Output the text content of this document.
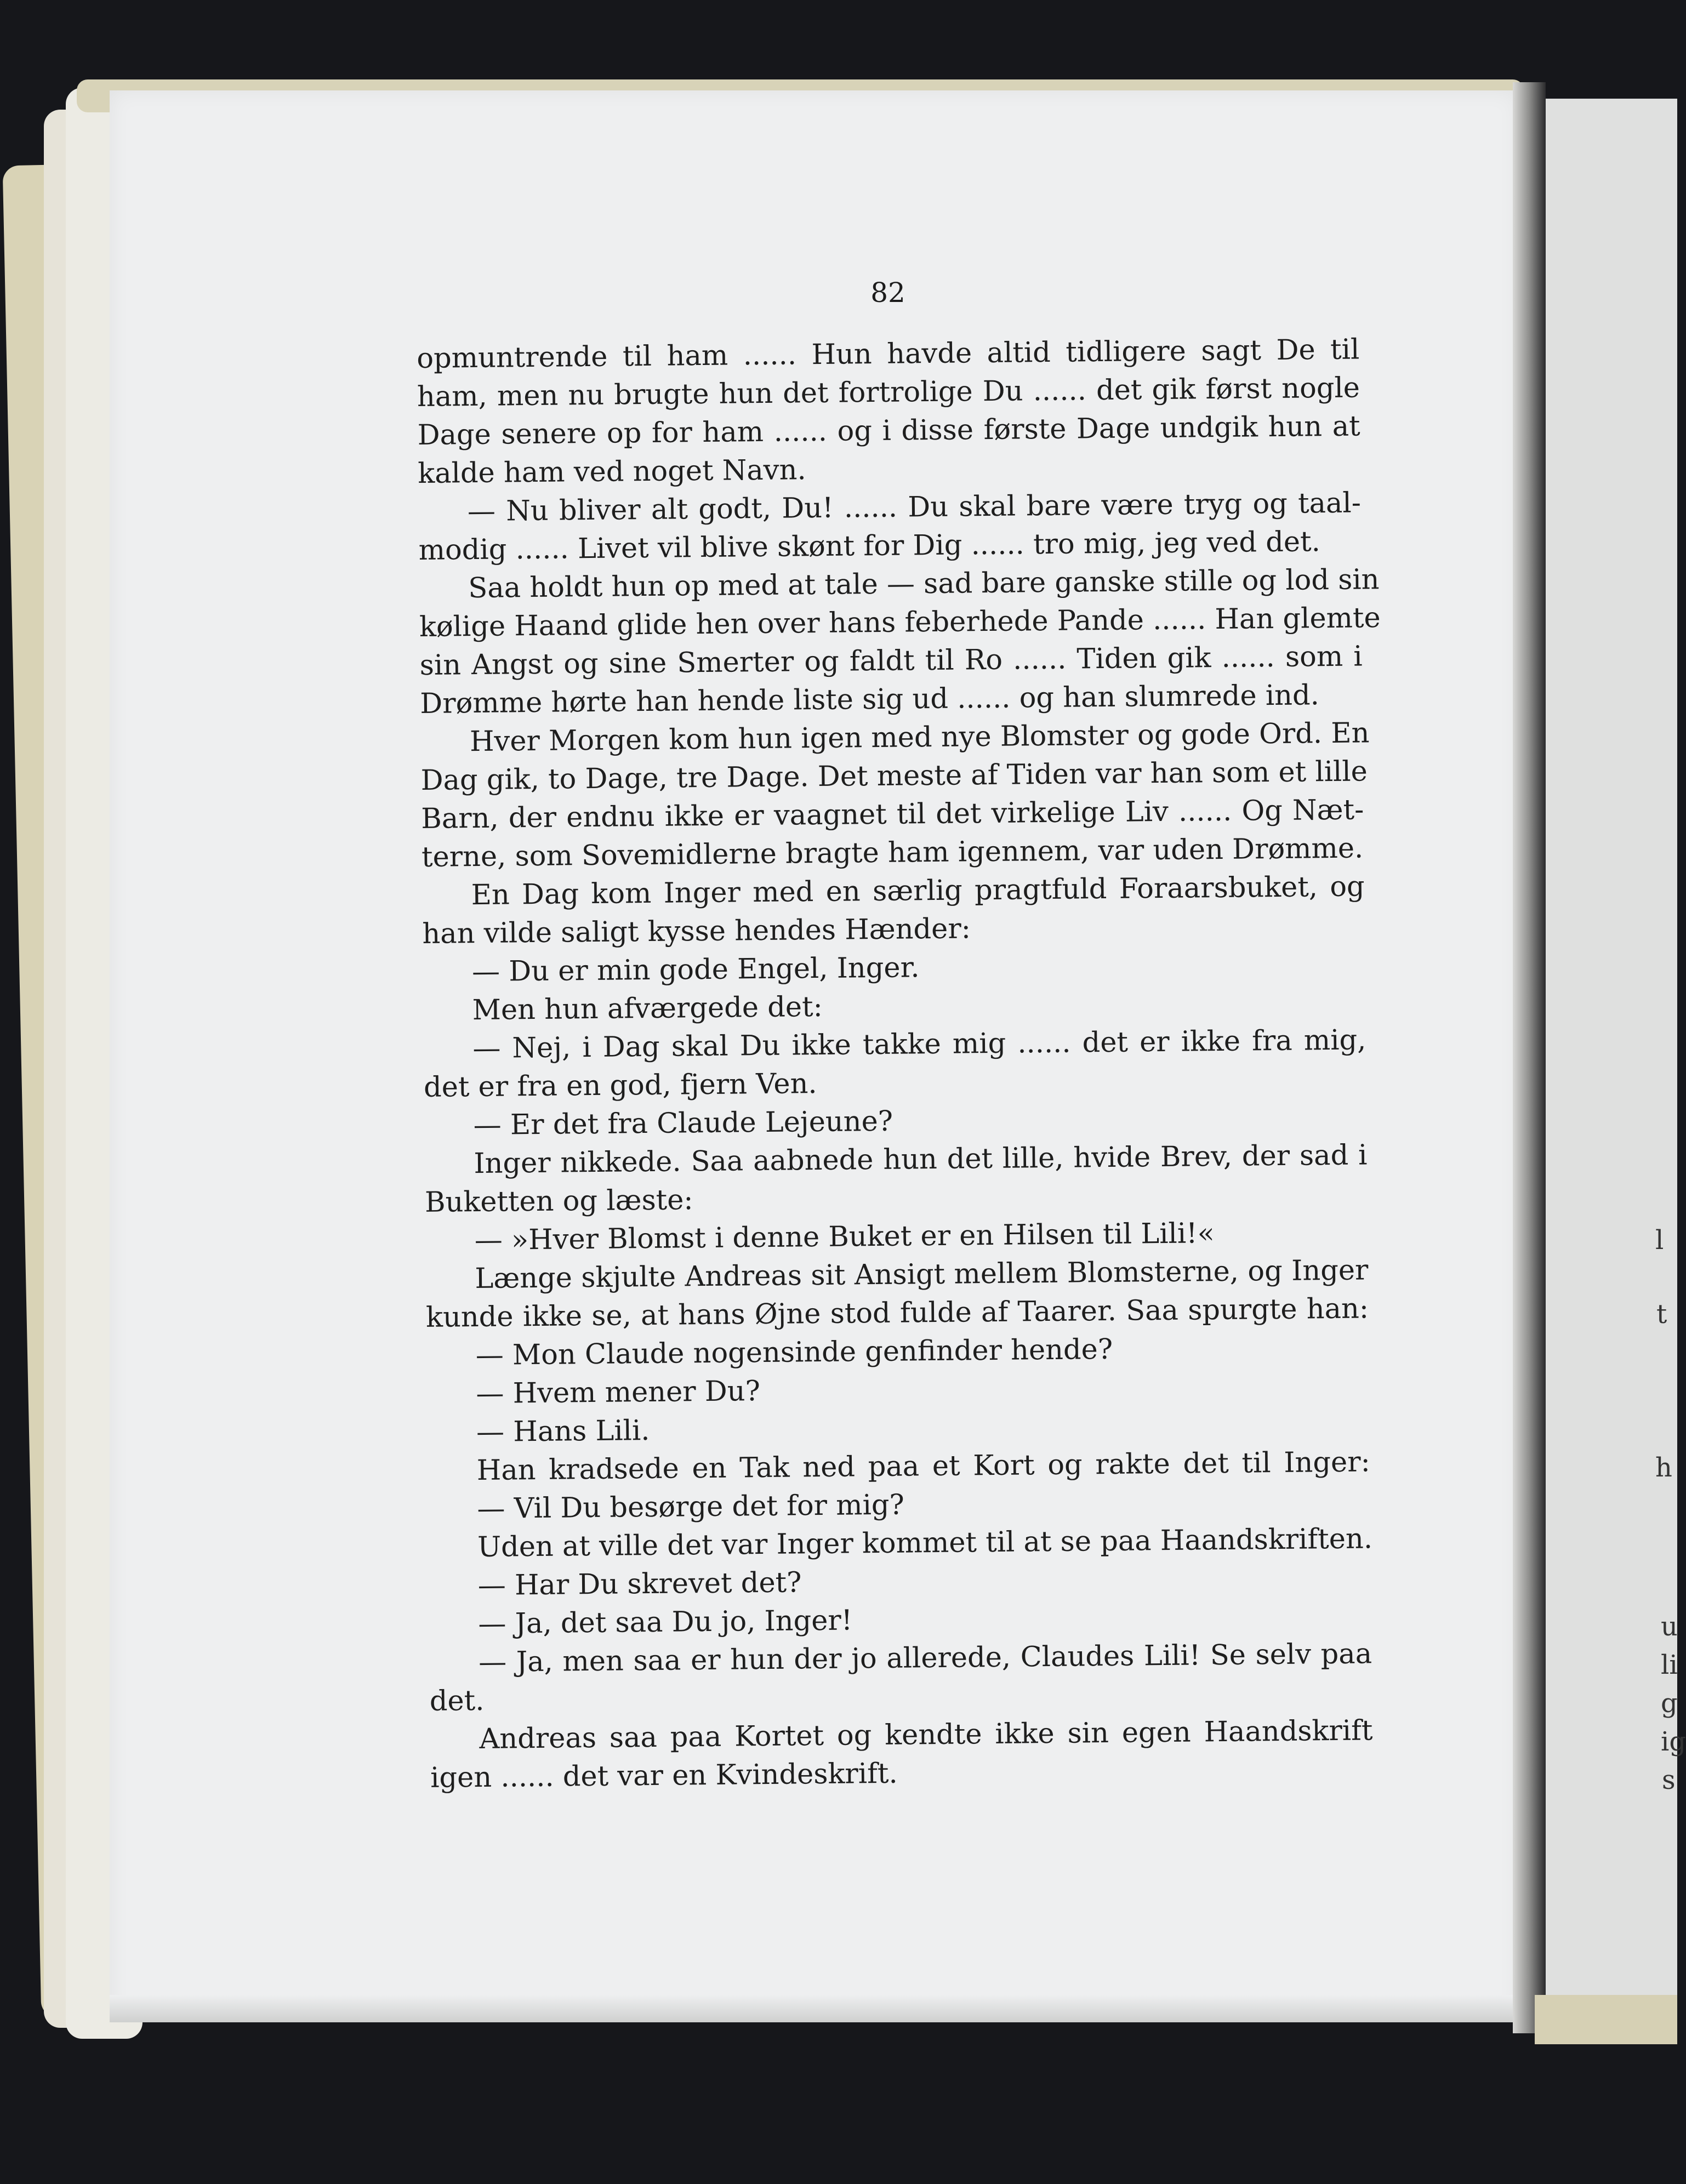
l
t
h
u
li
g
ig
s
82
opmuntrende til ham ...... Hun havde altid tidligere sagt De til
ham, men nu brugte hun det fortrolige Du ...... det gik først nogle
Dage senere op for ham ...... og i disse første Dage undgik hun at
kalde ham ved noget Navn.
— Nu bliver alt godt, Du! ...... Du skal bare være tryg og taal-
modig ...... Livet vil blive skønt for Dig ...... tro mig, jeg ved det.
Saa holdt hun op med at tale — sad bare ganske stille og lod sin
kølige Haand glide hen over hans feberhede Pande ...... Han glemte
sin Angst og sine Smerter og faldt til Ro ...... Tiden gik ...... som i
Drømme hørte han hende liste sig ud ...... og han slumrede ind.
Hver Morgen kom hun igen med nye Blomster og gode Ord. En
Dag gik, to Dage, tre Dage. Det meste af Tiden var han som et lille
Barn, der endnu ikke er vaagnet til det virkelige Liv ...... Og Næt-
terne, som Sovemidlerne bragte ham igennem, var uden Drømme.
En Dag kom Inger med en særlig pragtfuld Foraarsbuket, og
han vilde saligt kysse hendes Hænder:
— Du er min gode Engel, Inger.
Men hun afværgede det:
— Nej, i Dag skal Du ikke takke mig ...... det er ikke fra mig,
det er fra en god, fjern Ven.
— Er det fra Claude Lejeune?
Inger nikkede. Saa aabnede hun det lille, hvide Brev, der sad i
Buketten og læste:
— »Hver Blomst i denne Buket er en Hilsen til Lili!«
Længe skjulte Andreas sit Ansigt mellem Blomsterne, og Inger
kunde ikke se, at hans Øjne stod fulde af Taarer. Saa spurgte han:
— Mon Claude nogensinde genfinder hende?
— Hvem mener Du?
— Hans Lili.
Han kradsede en Tak ned paa et Kort og rakte det til Inger:
— Vil Du besørge det for mig?
Uden at ville det var Inger kommet til at se paa Haandskriften.
— Har Du skrevet det?
— Ja, det saa Du jo, Inger!
— Ja, men saa er hun der jo allerede, Claudes Lili! Se selv paa
det.
Andreas saa paa Kortet og kendte ikke sin egen Haandskrift
igen ...... det var en Kvindeskrift.
